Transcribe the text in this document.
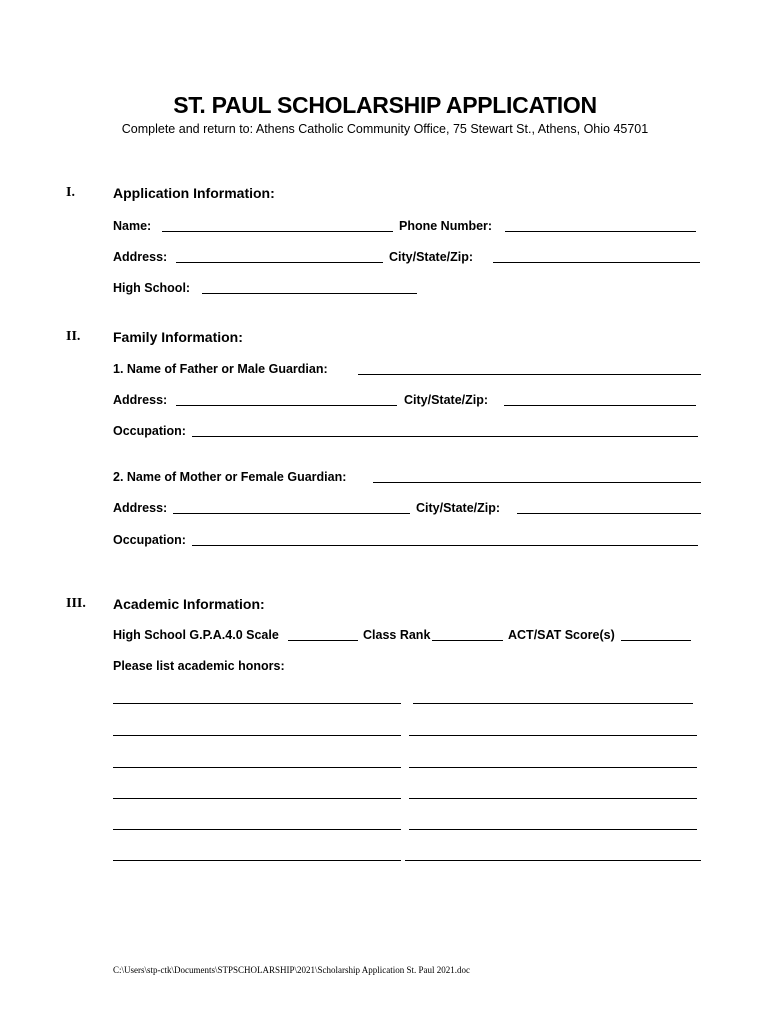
ST. PAUL SCHOLARSHIP APPLICATION
Complete and return to: Athens Catholic Community Office, 75 Stewart St., Athens, Ohio 45701
I.	Application Information:
Name:	Phone Number:
Address:	City/State/Zip:
High School:
II. Family Information:
1. Name of Father or Male Guardian:
Address:	City/State/Zip:
Occupation:
2. Name of Mother or Female Guardian:
Address:	City/State/Zip:
Occupation:
III. Academic Information:
High School G.P.A.4.0 Scale	Class Rank	ACT/SAT Score(s)
Please list academic honors:
C:\Users\stp-ctk\Documents\STPSCHOLARSHIP\2021\Scholarship Application St. Paul 2021.doc
